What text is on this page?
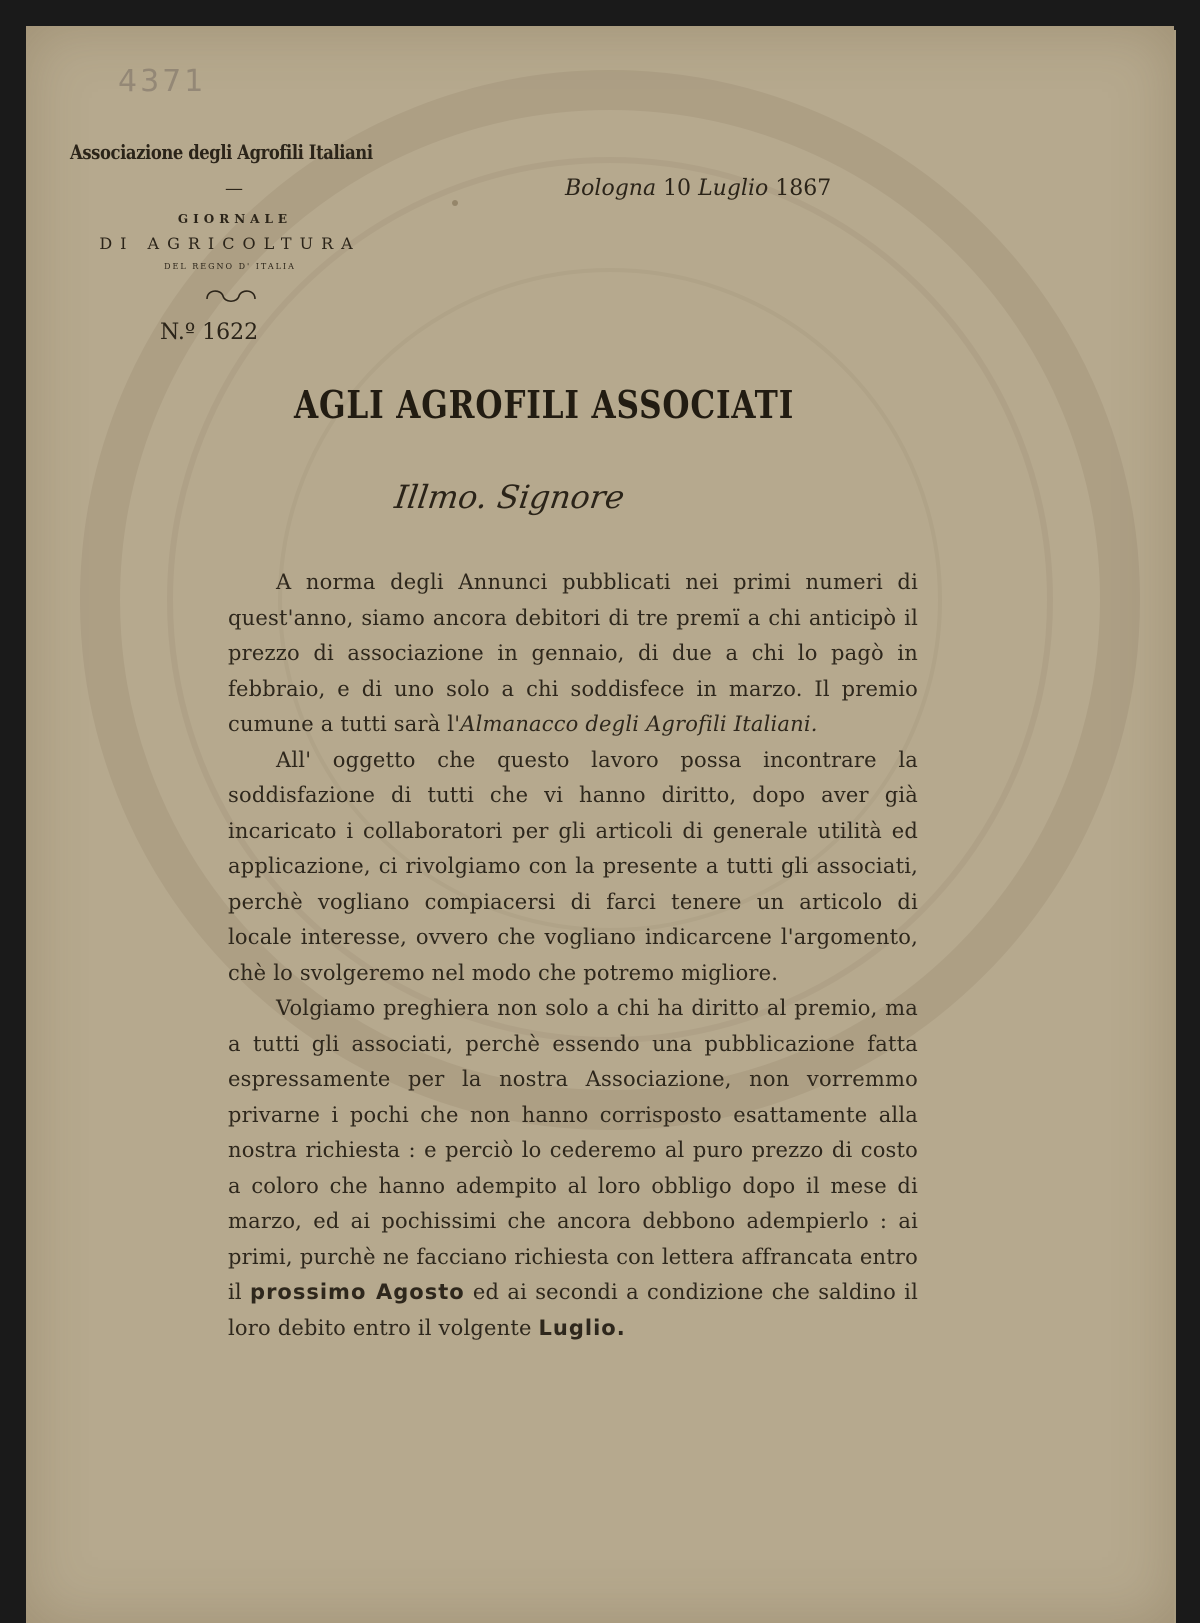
4371
Associazione degli Agrofili Italiani
—	Bologna 10 Luglio 1867
GIORNALE
DI AGRICOLTURA
DEL REGNO D' ITALIA
N.º 1622
AGLI AGROFILI ASSOCIATI
Illmo. Signore

A norma degli Annunci pubblicati nei primi numeri di quest'anno, siamo ancora debitori di tre premï a chi anticipò il prezzo di associazione in gennaio, di due a chi lo pagò in febbraio, e di uno solo a chi soddisfece in marzo. Il premio cumune a tutti sarà l'Almanacco degli Agrofili Italiani.

All' oggetto che questo lavoro possa incontrare la soddisfazione di tutti che vi hanno diritto, dopo aver già incaricato i collaboratori per gli articoli di generale utilità ed applicazione, ci rivolgiamo con la presente a tutti gli associati, perchè vogliano compiacersi di farci tenere un articolo di locale interesse, ovvero che vogliano indicarcene l'argomento, chè lo svolgeremo nel modo che potremo migliore.

Volgiamo preghiera non solo a chi ha diritto al premio, ma a tutti gli associati, perchè essendo una pubblicazione fatta espressamente per la nostra Associazione, non vorremmo privarne i pochi che non hanno corrisposto esattamente alla nostra richiesta : e perciò lo cederemo al puro prezzo di costo a coloro che hanno adempito al loro obbligo dopo il mese di marzo, ed ai pochissimi che ancora debbono adempierlo : ai primi, purchè ne facciano richiesta con lettera affrancata entro il prossimo Agosto ed ai secondi a condizione che saldino il loro debito entro il volgente Luglio.
